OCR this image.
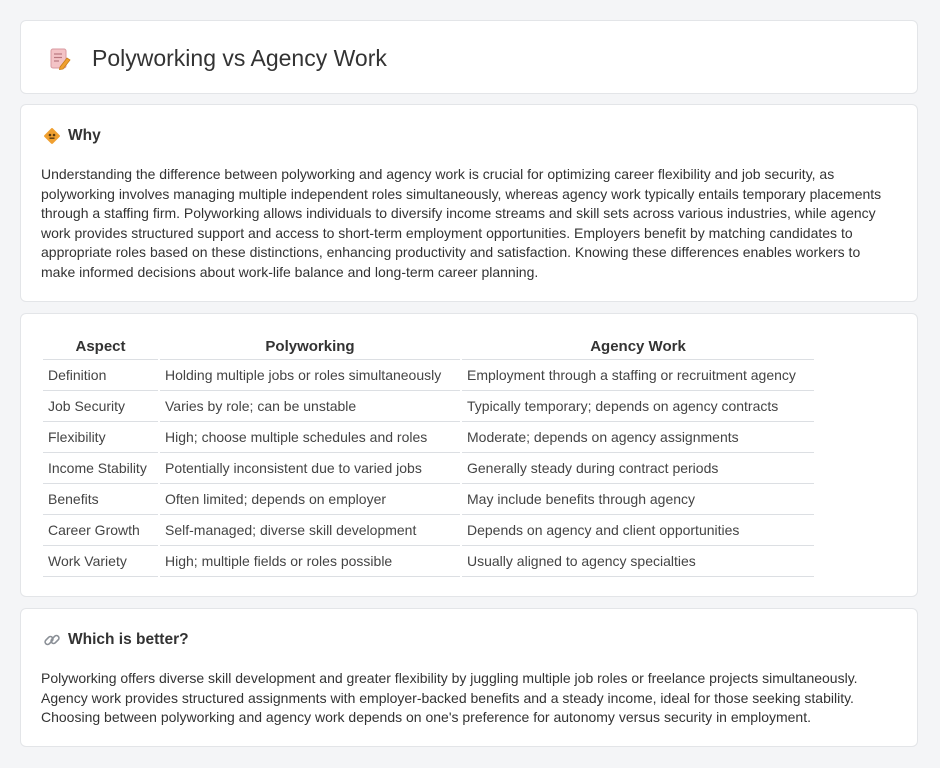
Polyworking vs Agency Work
Why

Understanding the difference between polyworking and agency work is crucial for optimizing career flexibility and job security, as polyworking involves managing multiple independent roles simultaneously, whereas agency work typically entails temporary placements through a staffing firm. Polyworking allows individuals to diversify income streams and skill sets across various industries, while agency work provides structured support and access to short-term employment opportunities. Employers benefit by matching candidates to appropriate roles based on these distinctions, enhancing productivity and satisfaction. Knowing these differences enables workers to make informed decisions about work-life balance and long-term career planning.

Aspect	Polyworking	Agency Work
Definition	Holding multiple jobs or roles simultaneously	Employment through a staffing or recruitment agency
Job Security	Varies by role; can be unstable	Typically temporary; depends on agency contracts
Flexibility	High; choose multiple schedules and roles	Moderate; depends on agency assignments
Income Stability	Potentially inconsistent due to varied jobs	Generally steady during contract periods
Benefits	Often limited; depends on employer	May include benefits through agency
Career Growth	Self-managed; diverse skill development	Depends on agency and client opportunities
Work Variety	High; multiple fields or roles possible	Usually aligned to agency specialties
Which is better?

Polyworking offers diverse skill development and greater flexibility by juggling multiple job roles or freelance projects simultaneously. Agency work provides structured assignments with employer-backed benefits and a steady income, ideal for those seeking stability. Choosing between polyworking and agency work depends on one's preference for autonomy versus security in employment.
